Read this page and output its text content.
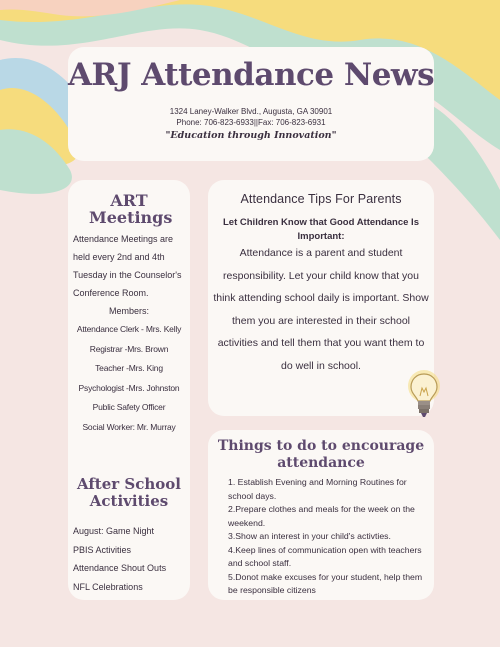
ARJ Attendance News
1324 Laney-Walker Blvd., Augusta, GA 30901
Phone: 706-823-6933||Fax: 706-823-6931
"Education through Innovation"
ART Meetings
Attendance Meetings are held every 2nd and 4th Tuesday in the Counselor's Conference Room.
Members:
Attendance Clerk - Mrs. Kelly
Registrar -Mrs. Brown
Teacher -Mrs. King
Psychologist -Mrs. Johnston
Public Safety Officer
Social Worker: Mr. Murray
After School Activities
August: Game Night
PBIS Activities
Attendance Shout Outs
NFL Celebrations
Attendance Tips For Parents
Let Children Know that Good Attendance Is Important:
Attendance is a parent and student responsibility. Let your child know that you think attending school daily is important. Show them you are interested in their school activities and tell them that you want them to do well in school.
Things to do to encourage attendance
1. Establish Evening and Morning Routines for school days.
2.Prepare clothes and meals for the week on the weekend.
3.Show an interest in your child's activties.
4.Keep lines of communication open with teachers and school staff.
5.Donot make excuses for your student, help them be responsible citizens
